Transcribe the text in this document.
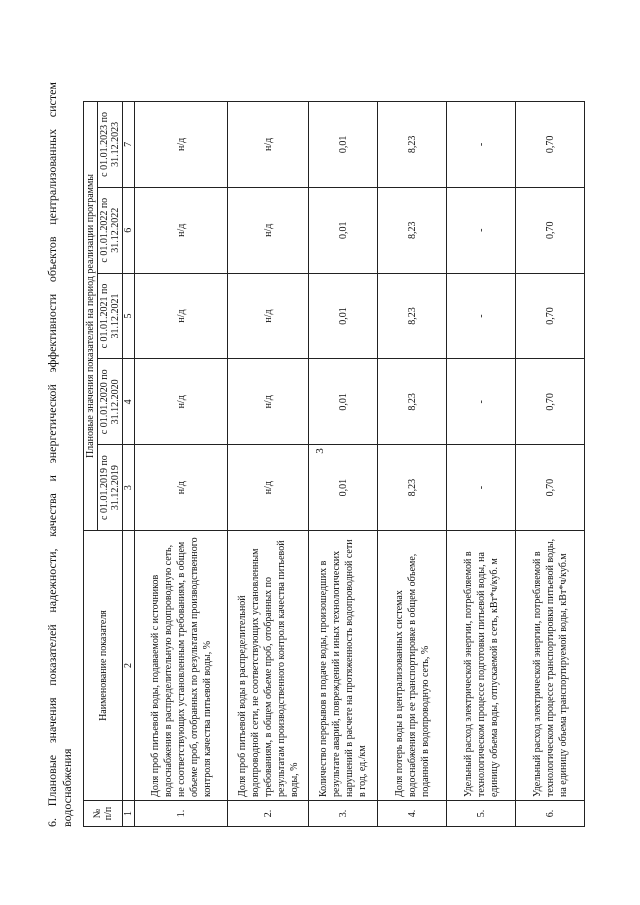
3
6. Плановые значения показателей надежности, качества и энергетической эффективности объектов централизованных систем водоснабжения № п/п	Наименование показателя	Плановые значения показателей на период реализации программы				
		с 01.01.2019 по 31.12.2019	с 01.01.2020 по 31.12.2020	с 01.01.2021 по 31.12.2021	с 01.01.2022 по 31.12.2022	с 01.01.2023 по 31.12.2023
1	2	3	4	5	6	7
1.	Доля проб питьевой воды, подаваемой с источников водоснабжения в распределительную водопроводную сеть, не соответствующих установленным требованиям, в общем объеме проб, отобранных по результатам производственного контроля качества питьевой воды, %	н/д	н/д	н/д	н/д	н/д
2.	Доля проб питьевой воды в распределительной водопроводной сети, не соответствующих установленным требованиям, в общем объеме проб, отобранных по результатам производственного контроля качества питьевой воды, %	н/д	н/д	н/д	н/д	н/д
3.	Количество перерывов в подаче воды, произошедших в результате аварий, повреждений и иных технологических нарушений в расчете на протяженность водопроводной сети в год, ед./км	0,01	0,01	0,01	0,01	0,01
4.	Доля потерь воды в централизованных системах водоснабжения при ее транспортировке в общем объеме, поданной в водопроводную сеть, %	8,23	8,23	8,23	8,23	8,23
5.	Удельный расход электрической энергии, потребляемой в технологическом процессе подготовки питьевой воды, на единицу объема воды, отпускаемой в сеть, кВт*ч/куб. м	-	-	-	-	-
6.	Удельный расход электрической энергии, потребляемой в технологическом процессе транспортировки питьевой воды, на единицу объема транспортируемой воды, кВт*ч/куб.м	0,70	0,70	0,70	0,70	0,70
